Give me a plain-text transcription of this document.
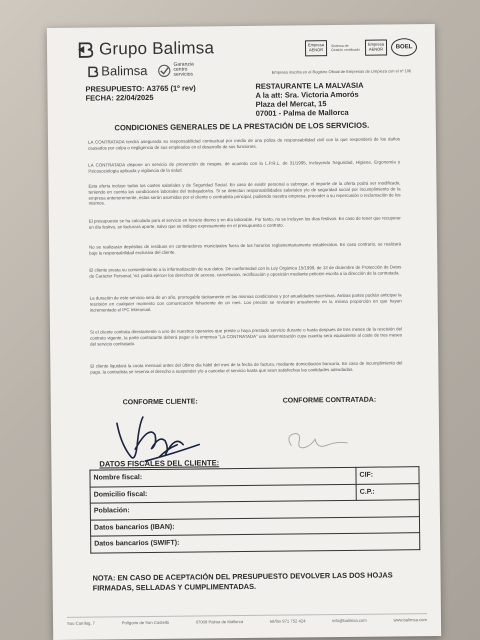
Grupo Balimsa
Balimsa	Garanzia
centro
servicios
Empresa AENOR
Sistema de Gestión certificado
Empresa AENOR	BOEL
Empresa inscrita en el Registro Oficial de Empresas de Limpieza con el nº 106
PRESUPUESTO: A3765 (1º rev)
FECHA: 22/04/2025
RESTAURANTE LA MALVASIA
A la att: Sra. Victoria Amorós
Plaza del Mercat, 15
07001 - Palma de Mallorca
CONDICIONES GENERALES DE LA PRESTACIÓN DE LOS SERVICIOS.
LA CONTRATADA tendrá asegurada su responsabilidad contractual por medio de una póliza de responsabilidad civil con la que responderá de los daños causados por culpa o negligencia de sus empleados en el desarrollo de sus funciones.
LA CONTRATADA dispone un servicio de prevención de riesgos, de acuerdo con la L.P.R.L. de 31/1995, incluyendo Seguridad, Higiene, Ergonomía y Psicosociología aplicada y vigilancia de la salud.
Esta oferta incluye todos los costes salariales y de Seguridad Social. En caso de existir personal a subrogar, el importe de la oferta podrá ser modificado, teniendo en cuenta las condiciones laborales del trabajador/es. Si se detectan responsabilidades salariales y/o de seguridad social por incumplimiento de la empresa anterioremente, éstas serán asumidas por el cliente o contratista principal, pudiendo nuestra empresa, proceder a su repercusión o reclamación de los mismos.
El presupuesto se ha calculado para el servicio en horario diurno y en día laborable. Por tanto, no se incluyen los días festivos. En caso de tener que recuperar un día festivo, se facturará aparte, salvo que se indique expresamente en el presupuesto o contrato.
No se realizarán depósitos de residuos en contenedores municipales fuera de los horarios reglamentariamente establecidos. En caso contrario, se realizará bajo la responsabilidad exclusiva del cliente.
El cliente presta su consentimiento a la informatización de sus datos. De conformidad con la Ley Orgánica 15/1999, de 13 de diciembre de Protección de Datos de Carácter Personal, Vd. podrá ejercer los derechos de acceso, cancelación, rectificación y oposición mediante petición escrita a la dirección de la contratada.
La duración de este servicio será de un año, prorrogable tácitamente en las mismas condiciones y por anualidades sucesivas. Ambas partes podrán anticipar la rescisión en cualquier momento con comunicación fehaciente de un mes. Los precios se revisarán anualmente en la misma proporción en que hayan incrementado el IPC Interanual.
Si el cliente contrata directamente a uno de nuestros operarios que preste o haya prestado servicio durante o hasta después de tres meses de la rescisión del contrato vigente, la parte contratante deberá pagar a la empresa "LA CONTRATADA" una indemnización cuya cuantía será equivalente al coste de tres meses del servicio contratado.
El cliente liquidará la cuota mensual antes del último día hábil del mes de la fecha de factura, mediante domiciliación bancaria. En caso de incumplimiento del pago, la contratista se reserva el derecho a suspender y/o a cancelar el servicio hasta que sean satisfechas las cantidades adeudadas.
CONFORME CLIENTE:	CONFORME CONTRATADA:
DATOS FISCALES DEL CLIENTE:
Nombre fiscal:	CIF:
Domicilio fiscal:	C.P.:
Población:	
Datos bancarios (IBAN):	
Datos bancarios (SWIFT):	
NOTA: EN CASO DE ACEPTACIÓN DEL PRESUPUESTO DEVOLVER LAS DOS HOJAS FIRMADAS, SELLADAS Y CUMPLIMENTADAS.
Sou Carrilag, 7	Polígono de Son Castelló	07009 Palma de Mallorca	tel/fax 971 752 424	info@balimsa.com	www.balimsa.com
